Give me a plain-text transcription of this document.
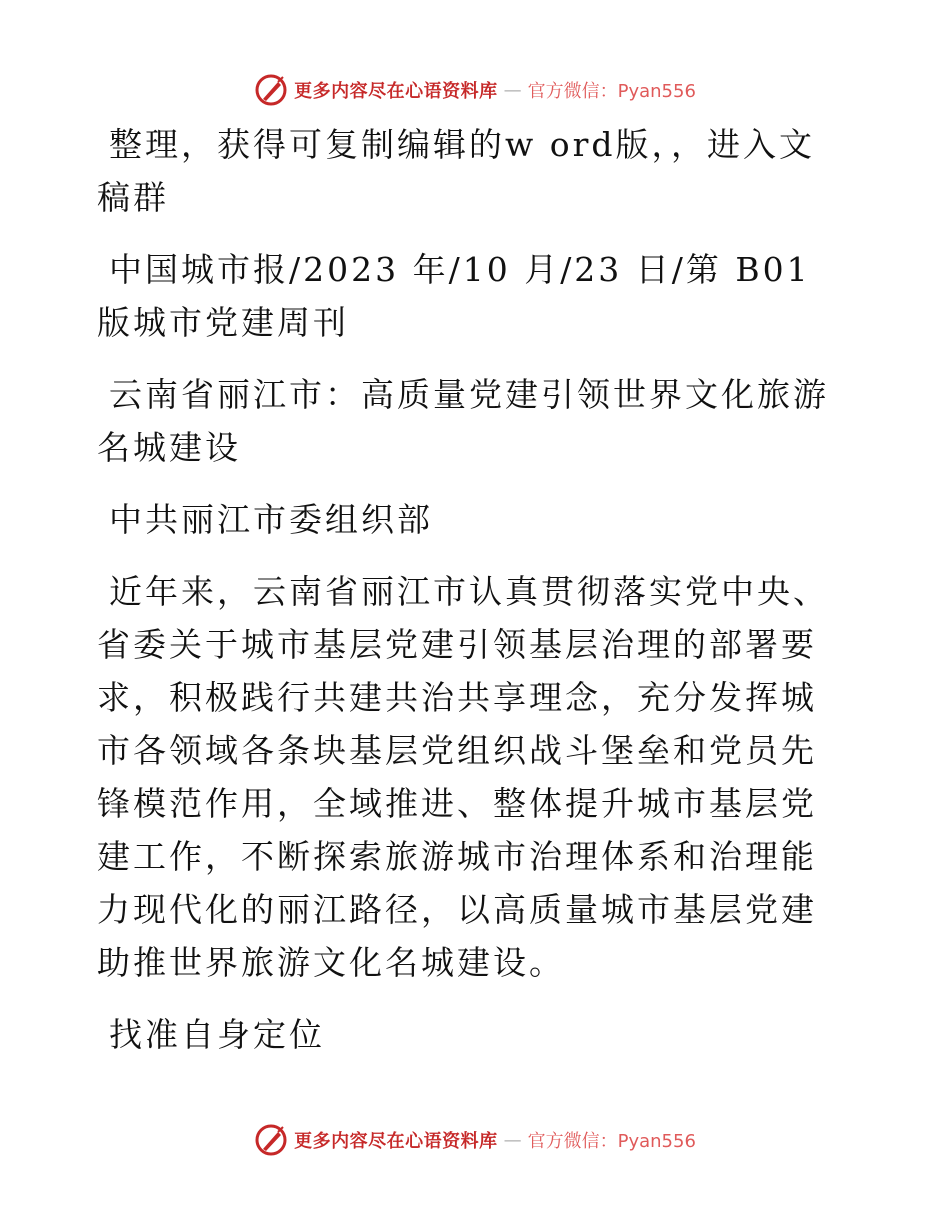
更多内容尽在心语资料库 — 官方微信：Pyan556

整理，获得可复制编辑的w ord版，，进入文稿群

中国城市报/2023 年/10 月/23 日/第 B01 版城市党建周刊

云南省丽江市：高质量党建引领世界文化旅游名城建设

中共丽江市委组织部

近年来，云南省丽江市认真贯彻落实党中央、省委关于城市基层党建引领基层治理的部署要求，积极践行共建共治共享理念，充分发挥城市各领域各条块基层党组织战斗堡垒和党员先锋模范作用，全域推进、整体提升城市基层党建工作，不断探索旅游城市治理体系和治理能力现代化的丽江路径，以高质量城市基层党建助推世界旅游文化名城建设。

找准自身定位

更多内容尽在心语资料库 — 官方微信：Pyan556
